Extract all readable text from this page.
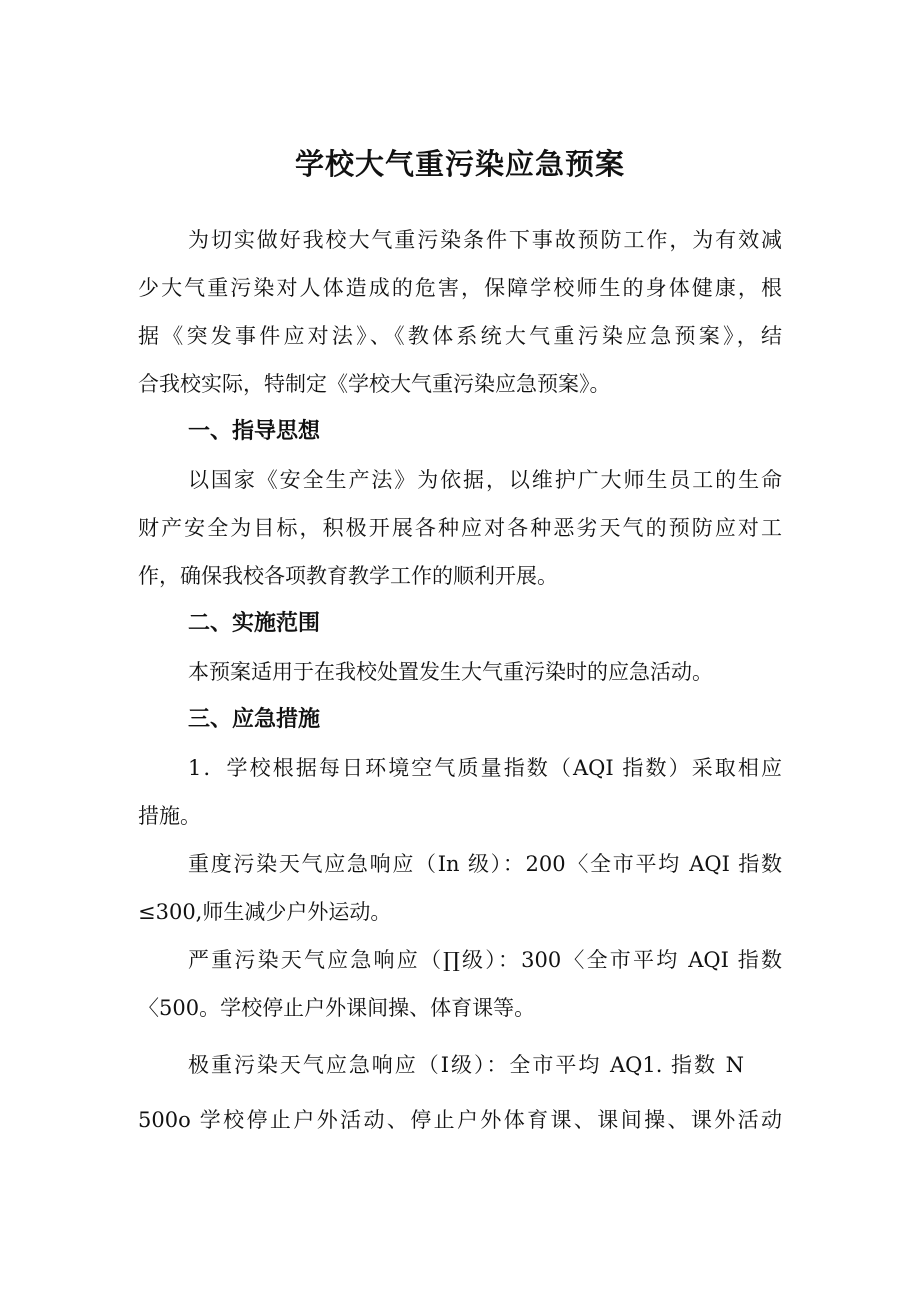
学校大气重污染应急预案
为切实做好我校大气重污染条件下事故预防工作，为有效减
少大气重污染对人体造成的危害，保障学校师生的身体健康，根
据《突发事件应对法》、《教体系统大气重污染应急预案》，结
合我校实际，特制定《学校大气重污染应急预案》。
一、指导思想
以国家《安全生产法》为依据，以维护广大师生员工的生命
财产安全为目标，积极开展各种应对各种恶劣天气的预防应对工
作，确保我校各项教育教学工作的顺利开展。
二、实施范围
本预案适用于在我校处置发生大气重污染时的应急活动。
三、应急措施
1．学校根据每日环境空气质量指数（AQI 指数）采取相应
措施。
重度污染天气应急响应（In 级）：200〈全市平均 AQI 指数
≤300,师生减少户外运动。
严重污染天气应急响应（∏级）：300〈全市平均 AQI 指数
〈500。学校停止户外课间操、体育课等。
极重污染天气应急响应（Ⅰ级）：全市平均 AQ1. 指数 N
500o 学校停止户外活动、停止户外体育课、课间操、课外活动
